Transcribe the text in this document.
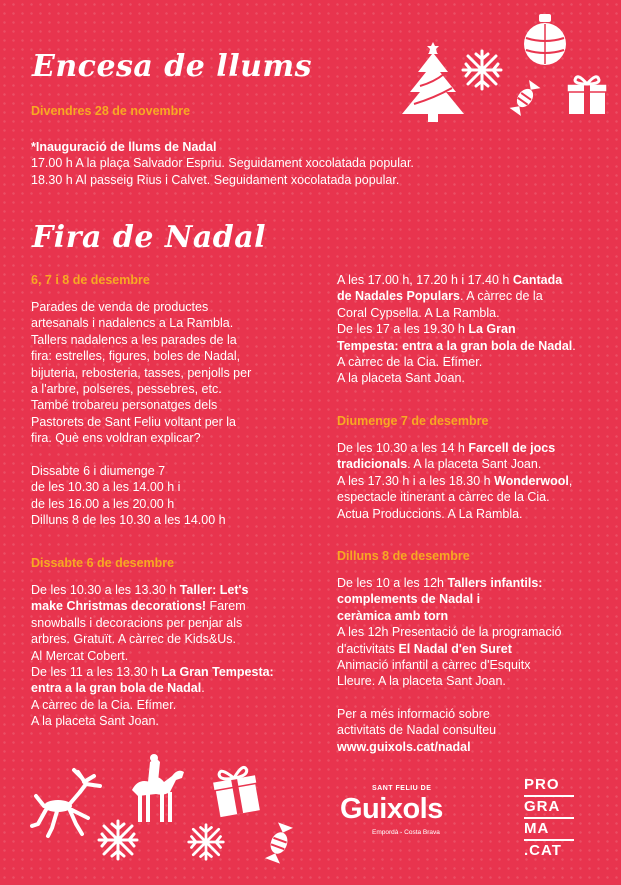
Encesa de llums
Divendres 28 de novembre

*Inauguració de llums de Nadal

17.00 h A la plaça Salvador Espriu. Seguidament xocolatada popular.

18.30 h Al passeig Rius i Calvet. Seguidament xocolatada popular.

Fira de Nadal
6, 7 i 8 de desembre

Parades de venda de productes

artesanals i nadalencs a La Rambla.

Tallers nadalencs a les parades de la

fira: estrelles, figures, boles de Nadal,

bijuteria, rebosteria, tasses, penjolls per

a l'arbre, polseres, pessebres, etc.

També trobareu personatges dels

Pastorets de Sant Feliu voltant per la

fira. Què ens voldran explicar?

Dissabte 6 i diumenge 7

de les 10.30 a les 14.00 h i

de les 16.00 a les 20.00 h

Dilluns 8 de les 10.30 a les 14.00 h

Dissabte 6 de desembre

De les 10.30 a les 13.30 h Taller: Let's

make Christmas decorations! Farem

snowballs i decoracions per penjar als

arbres. Gratuït. A càrrec de Kids&Us.

Al Mercat Cobert.

De les 11 a les 13.30 h La Gran Tempesta:

entra a la gran bola de Nadal.

A càrrec de la Cia. Efímer.

A la placeta Sant Joan.

A les 17.00 h, 17.20 h i 17.40 h Cantada

de Nadales Populars. A càrrec de la

Coral Cypsella. A La Rambla.

De les 17 a les 19.30 h La Gran

Tempesta: entra a la gran bola de Nadal.

A càrrec de la Cia. Efímer.

A la placeta Sant Joan.

Diumenge 7 de desembre

De les 10.30 a les 14 h Farcell de jocs

tradicionals. A la placeta Sant Joan.

A les 17.30 h i a les 18.30 h Wonderwool,

espectacle itinerant a càrrec de la Cia.

Actua Produccions. A La Rambla.

Dilluns 8 de desembre

De les 10 a les 12h Tallers infantils:

complements de Nadal i

ceràmica amb torn

A les 12h Presentació de la programació

d'activitats El Nadal d'en Suret

Animació infantil a càrrec d'Esquitx

Lleure. A la placeta Sant Joan.

Per a més informació sobre

activitats de Nadal consulteu

www.guixols.cat/nadal

SANT FELIU DE
Guixols
Empordà - Costa Brava
PRO
GRA
MA
.CAT
